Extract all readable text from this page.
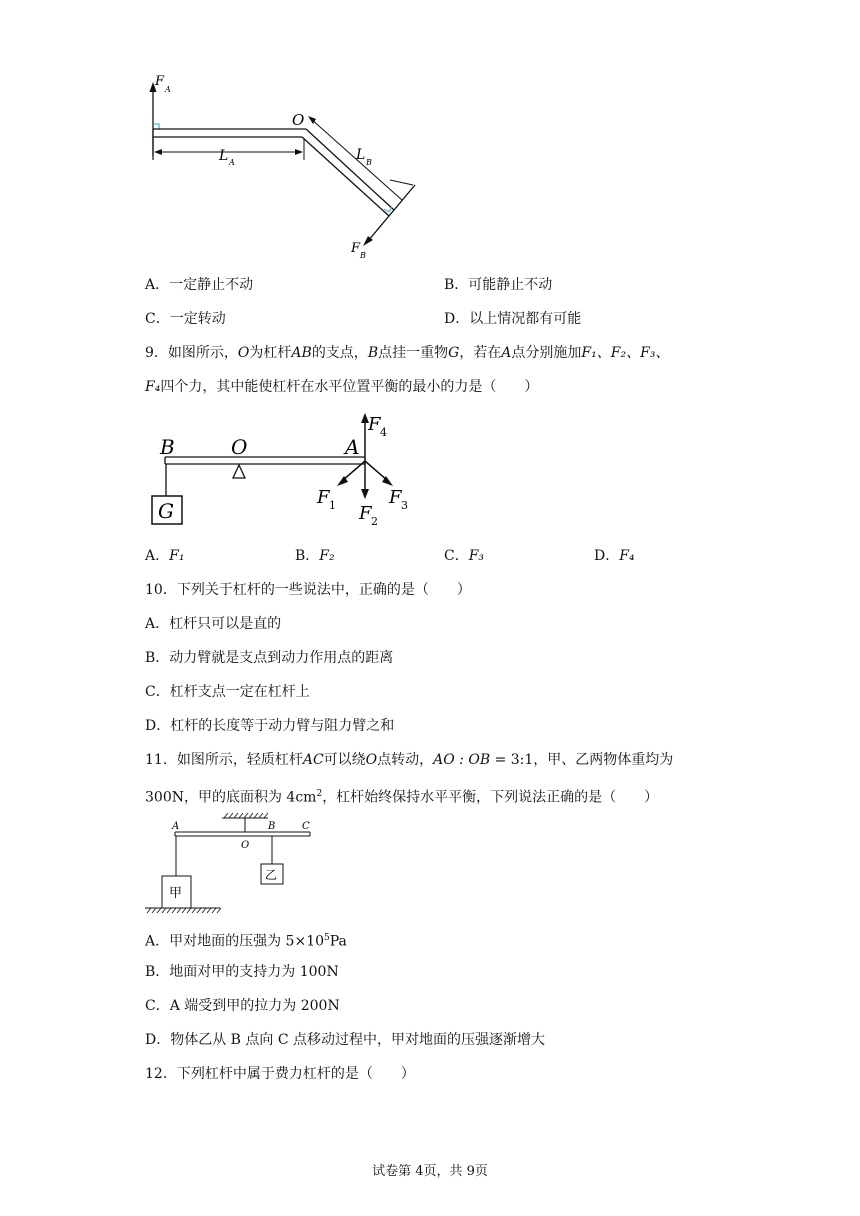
F
A
O
L A	L B
F B
A．一定静止不动	B．可能静止不动
C．一定转动	D．以上情况都有可能
9．如图所示，O为杠杆AB的支点，B点挂一重物G，若在A点分别施加F₁、F₂、F₃、
F₄四个力，其中能使杠杆在水平位置平衡的最小的力是（　　）
B	O	A
G
F 4
F 2
F 1	F 3
A．F₁	B．F₂	C．F₃	D．F₄
10．下列关于杠杆的一些说法中，正确的是（　　）
A．杠杆只可以是直的
B．动力臂就是支点到动力作用点的距离
C．杠杆支点一定在杠杆上
D．杠杆的长度等于动力臂与阻力臂之和
11．如图所示，轻质杠杆AC可以绕O点转动，AO : OB = 3:1，甲、乙两物体重均为
300N，甲的底面积为 $4cm^2$，杠杆始终保持水平平衡，下列说法正确的是（　　）
A
O
B	C
甲
乙
A．甲对地面的压强为 $5\times 10^5Pa$
B．地面对甲的支持力为 100N
C．A 端受到甲的拉力为 200N
D．物体乙从 B 点向 C 点移动过程中，甲对地面的压强逐渐增大
12．下列杠杆中属于费力杠杆的是（　　）
试卷第 4页，共 9页
